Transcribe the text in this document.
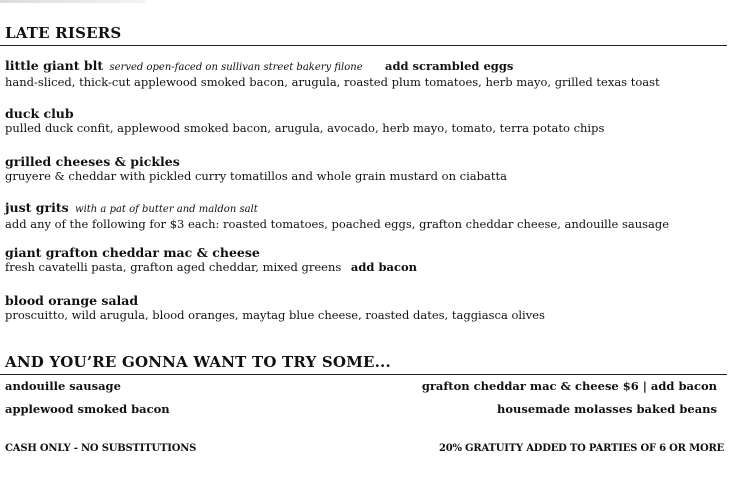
LATE RISERS
little giant blt served open-faced on sullivan street bakery filone add scrambled eggs
hand-sliced, thick-cut applewood smoked bacon, arugula, roasted plum tomatoes, herb mayo, grilled texas toast
duck club
pulled duck confit, applewood smoked bacon, arugula, avocado, herb mayo, tomato, terra potato chips
grilled cheeses & pickles
gruyere & cheddar with pickled curry tomatillos and whole grain mustard on ciabatta
just grits with a pat of butter and maldon salt
add any of the following for $3 each: roasted tomatoes, poached eggs, grafton cheddar cheese, andouille sausage
giant grafton cheddar mac & cheese
fresh cavatelli pasta, grafton aged cheddar, mixed greens add bacon
blood orange salad
proscuitto, wild arugula, blood oranges, maytag blue cheese, roasted dates, taggiasca olives
AND YOU’RE GONNA WANT TO TRY SOME...
andouille sausage	grafton cheddar mac & cheese $6 | add bacon
applewood smoked bacon	housemade molasses baked beans
CASH ONLY - NO SUBSTITUTIONS	20% GRATUITY ADDED TO PARTIES OF 6 OR MORE
